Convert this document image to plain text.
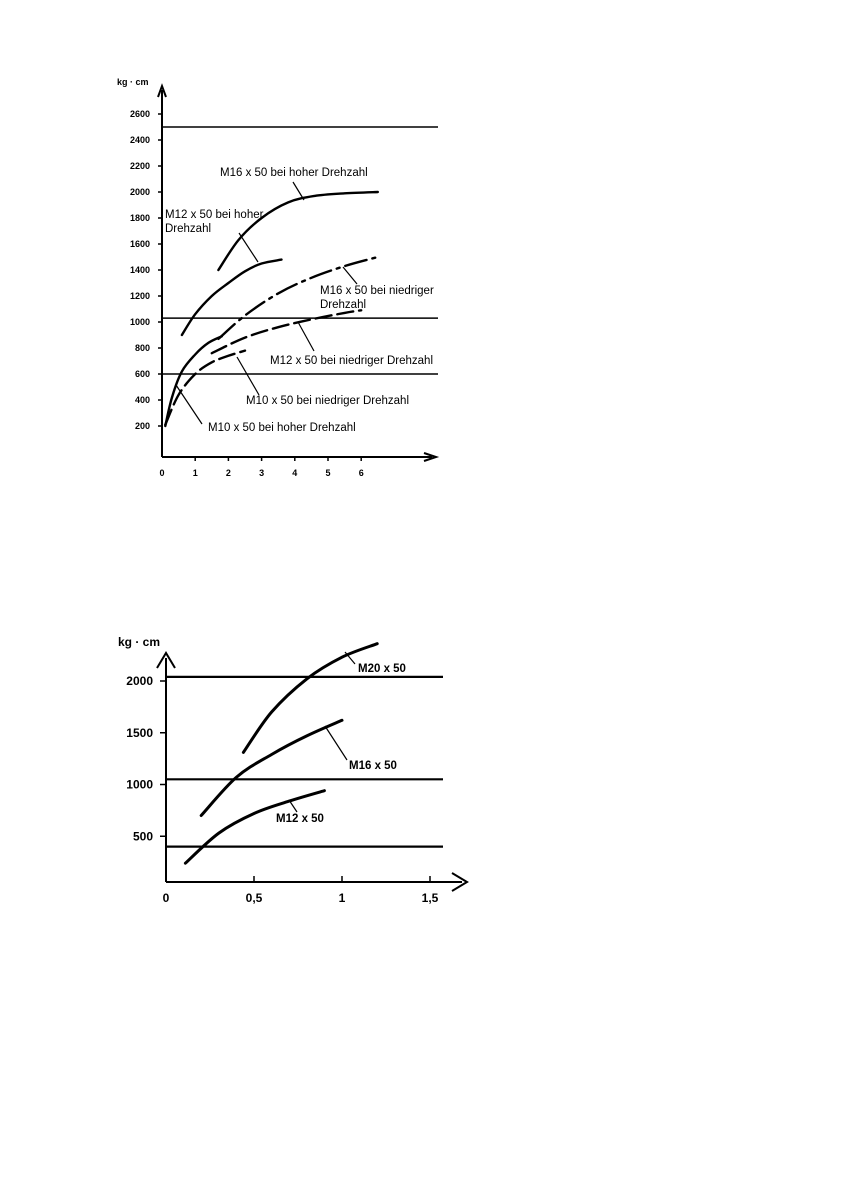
kg · cm
200
400
600
800
1000
1200
1400
1600
1800
2000
2200
2400
2600
0	1	2	3	4	5	6
M16 x 50 bei hoher Drehzahl
M12 x 50 bei hoher Drehzahl
M16 x 50 bei niedriger Drehzahl
M12 x 50 bei niedriger Drehzahl
M10 x 50 bei niedriger Drehzahl
M10 x 50 bei hoher Drehzahl
kg · cm
500
1000
1500
2000
0	0,5	1	1,5
M20 x 50
M16 x 50
M12 x 50
